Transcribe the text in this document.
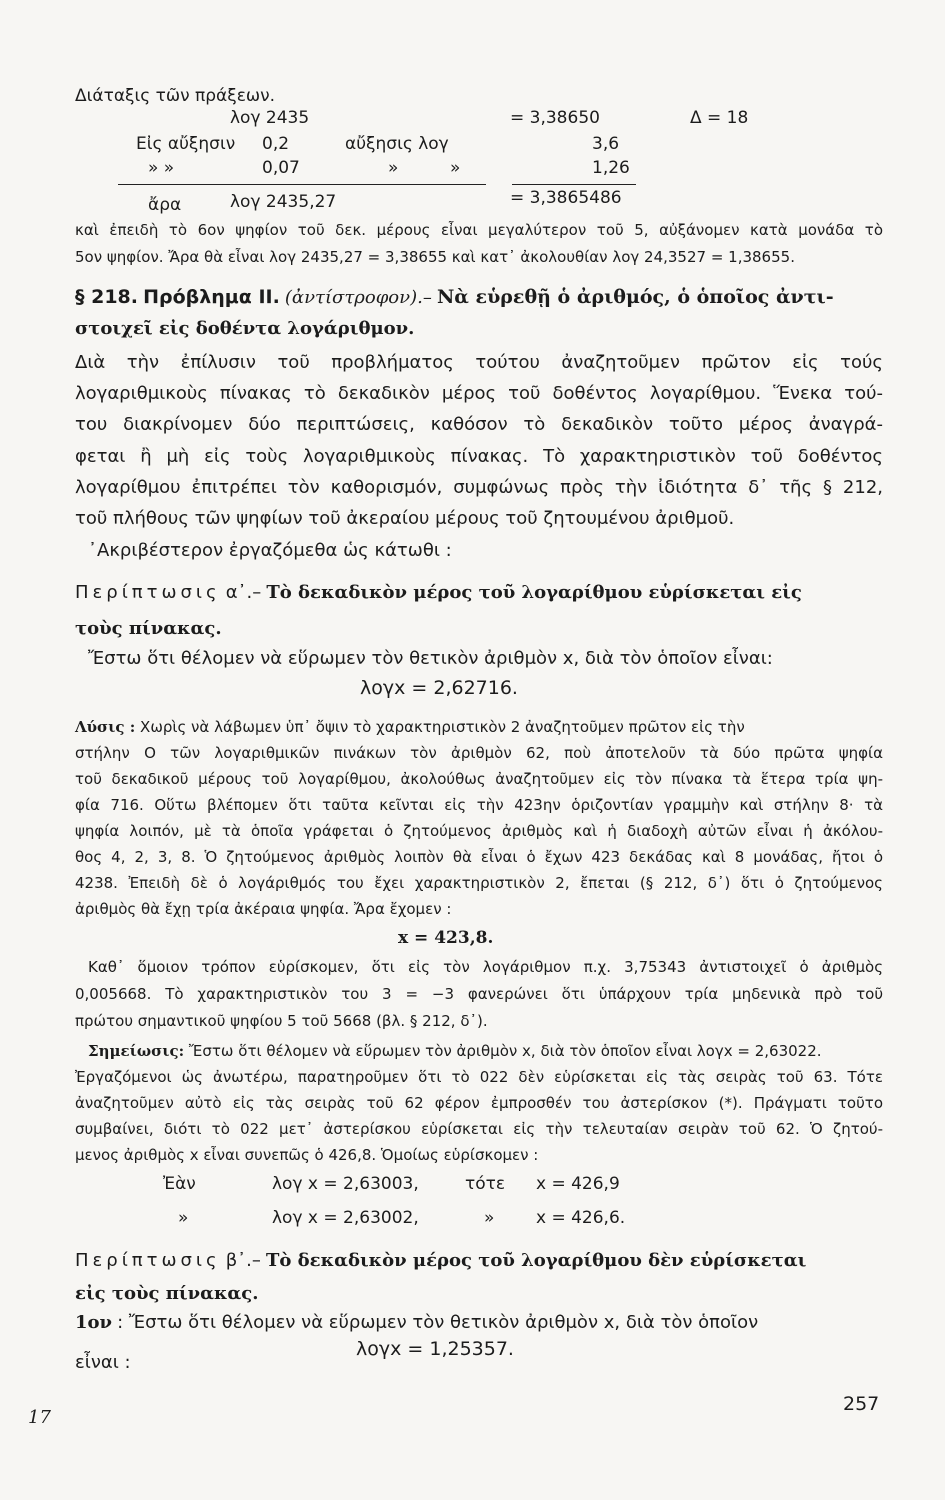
Διάταξις τῶν πράξεων.
λογ 2435	= 3,38650	Δ = 18
Εἰς αὔξησιν 0,2	αὔξησις λογ	3,6
» »	0,07	»	»	1,26
ἄρα	λογ 2435,27	= 3,3865486
καὶ ἐπειδὴ τὸ 6ον ψηφίον τοῦ δεκ. μέρους εἶναι μεγαλύτερον τοῦ 5, αὐξάνομεν κατὰ μονάδα τὸ
5ον ψηφίον. Ἄρα θὰ εἶναι λογ 2435,27 = 3,38655 καὶ κατ᾽ ἀκολουθίαν λογ 24,3527 = 1,38655.
§ 218. Πρόβλημα ΙΙ. (ἀντίστροφον).– Νὰ εὑρεθῇ ὁ ἀριθμός, ὁ ὁποῖος ἀντι-
στοιχεῖ εἰς δοθέντα λογάριθμον.
Διὰ τὴν ἐπίλυσιν τοῦ προβλήματος τούτου ἀναζητοῦμεν πρῶτον εἰς τούς
λογαριθμικοὺς πίνακας τὸ δεκαδικὸν μέρος τοῦ δοθέντος λογαρίθμου. Ἕνεκα τού-
του διακρίνομεν δύο περιπτώσεις, καθόσον τὸ δεκαδικὸν τοῦτο μέρος ἀναγρά-
φεται ἢ μὴ εἰς τοὺς λογαριθμικοὺς πίνακας. Τὸ χαρακτηριστικὸν τοῦ δοθέντος
λογαρίθμου ἐπιτρέπει τὸν καθορισμόν, συμφώνως πρὸς τὴν ἰδιότητα δ᾽ τῆς § 212,
τοῦ πλήθους τῶν ψηφίων τοῦ ἀκεραίου μέρους τοῦ ζητουμένου ἀριθμοῦ.
᾿Ακριβέστερον ἐργαζόμεθα ὡς κάτωθι :
Περίπτωσις α᾽.– Τὸ δεκαδικὸν μέρος τοῦ λογαρίθμου εὑρίσκεται εἰς
τοὺς πίνακας.
Ἔστω ὅτι θέλομεν νὰ εὕρωμεν τὸν θετικὸν ἀριθμὸν x, διὰ τὸν ὁποῖον εἶναι:
λογx = 2,62716.
Λύσις : Χωρὶς νὰ λάβωμεν ὑπ᾽ ὄψιν τὸ χαρακτηριστικὸν 2 ἀναζητοῦμεν πρῶτον εἰς τὴν
στήλην O τῶν λογαριθμικῶν πινάκων τὸν ἀριθμὸν 62, ποὺ ἀποτελοῦν τὰ δύο πρῶτα ψηφία
τοῦ δεκαδικοῦ μέρους τοῦ λογαρίθμου, ἀκολούθως ἀναζητοῦμεν εἰς τὸν πίνακα τὰ ἕτερα τρία ψη-
φία 716. Οὕτω βλέπομεν ὅτι ταῦτα κεῖνται εἰς τὴν 423ην ὁριζοντίαν γραμμὴν καὶ στήλην 8· τὰ
ψηφία λοιπόν, μὲ τὰ ὁποῖα γράφεται ὁ ζητούμενος ἀριθμὸς καὶ ἡ διαδοχὴ αὐτῶν εἶναι ἡ ἀκόλου-
θος 4, 2, 3, 8. Ὁ ζητούμενος ἀριθμὸς λοιπὸν θὰ εἶναι ὁ ἔχων 423 δεκάδας καὶ 8 μονάδας, ἤτοι ὁ
4238. Ἐπειδὴ δὲ ὁ λογάριθμός του ἔχει χαρακτηριστικὸν 2, ἔπεται (§ 212, δ᾽) ὅτι ὁ ζητούμενος
ἀριθμὸς θὰ ἔχῃ τρία ἀκέραια ψηφία. Ἄρα ἔχομεν :
x = 423,8.
Καθ᾽ ὅμοιον τρόπον εὑρίσκομεν, ὅτι εἰς τὸν λογάριθμον π.χ. 3,75343 ἀντιστοιχεῖ ὁ ἀριθμὸς
0,005668. Τὸ χαρακτηριστικὸν του 3 = −3 φανερώνει ὅτι ὑπάρχουν τρία μηδενικὰ πρὸ τοῦ
πρώτου σημαντικοῦ ψηφίου 5 τοῦ 5668 (βλ. § 212, δ᾽).
Σημείωσις: Ἔστω ὅτι θέλομεν νὰ εὕρωμεν τὸν ἀριθμὸν x, διὰ τὸν ὁποῖον εἶναι λογx = 2,63022.
Ἐργαζόμενοι ὡς ἀνωτέρω, παρατηροῦμεν ὅτι τὸ 022 δὲν εὑρίσκεται εἰς τὰς σειρὰς τοῦ 63. Τότε
ἀναζητοῦμεν αὐτὸ εἰς τὰς σειρὰς τοῦ 62 φέρον ἐμπροσθέν του ἀστερίσκον (*). Πράγματι τοῦτο
συμβαίνει, διότι τὸ 022 μετ᾽ ἀστερίσκου εὑρίσκεται εἰς τὴν τελευταίαν σειρὰν τοῦ 62. Ὁ ζητού-
μενος ἀριθμὸς x εἶναι συνεπῶς ὁ 426,8. Ὁμοίως εὑρίσκομεν :
Ἐὰν	λογ x = 2,63003,	τότε x = 426,9
»	λογ x = 2,63002,	» x = 426,6.
Περίπτωσις β᾽.– Τὸ δεκαδικὸν μέρος τοῦ λογαρίθμου δὲν εὑρίσκεται
εἰς τοὺς πίνακας.
1ον : Ἔστω ὅτι θέλομεν νὰ εὕρωμεν τὸν θετικὸν ἀριθμὸν x, διὰ τὸν ὁποῖον
λογx = 1,25357.
εἶναι :
17
257
